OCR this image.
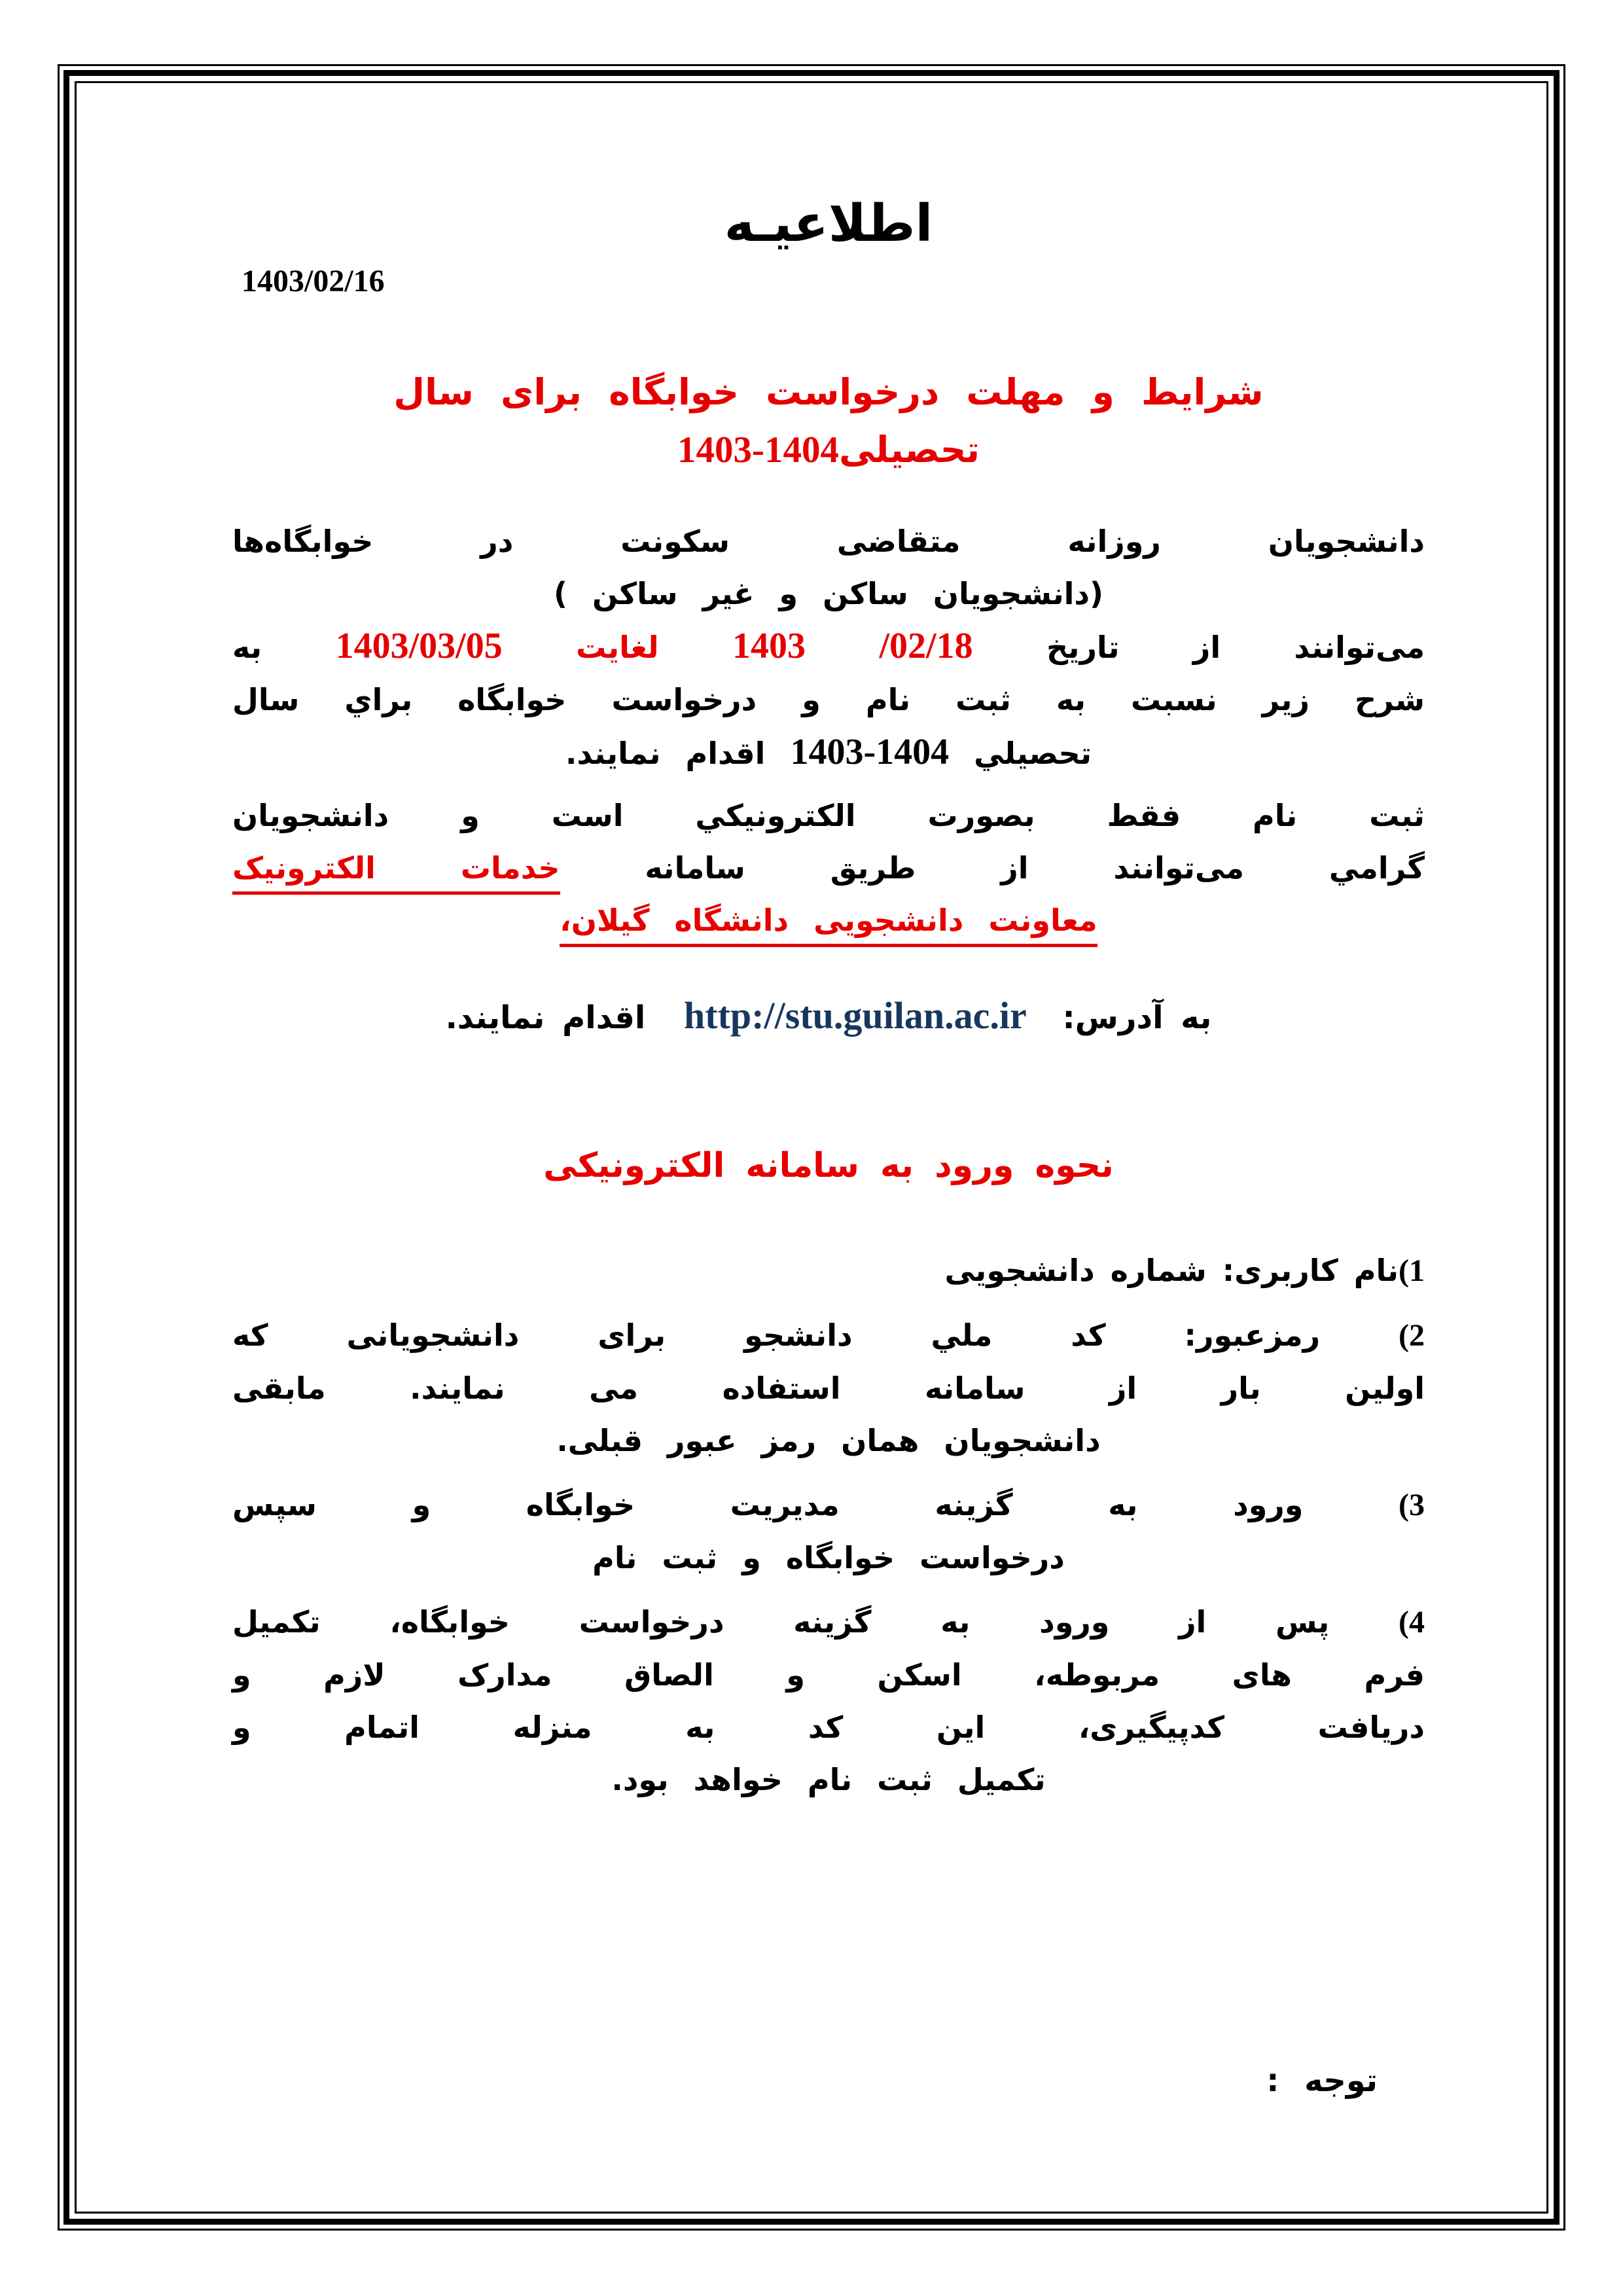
اطلاعيـه
1403/02/16
شرايط و مهلت درخواست خوابگاه برای سال
تحصیلی1403-1404
دانشجويان روزانه متقاضی سکونت در خوابگاه‌ها
(دانشجويان ساکن و غير ساکن )
می‌توانند از تاريخ /02/18 1403 لغايت 1403/03/05 به
شرح زير نسبت به ثبت نام و درخواست خوابگاه براي سال
تحصيلي 1403-1404 اقدام نمايند.
ثبت نام فقط بصورت الکترونيکي است و دانشجويان
گرامي می‌توانند از طريق سامانه خدمات الکترونيک
معاونت دانشجويی دانشگاه گيلان،
به آدرس: http://stu.guilan.ac.ir اقدام نمايند.
نحوه ورود به سامانه الکترونيکی
1)نام کاربری: شماره دانشجويی
2) رمزعبور: کد ملي دانشجو برای دانشجويانی که
اولين بار از سامانه استفاده می نمايند. مابقی
دانشجويان همان رمز عبور قبلی.
3) ورود به گزينه مديريت خوابگاه و سپس
درخواست خوابگاه و ثبت نام
4) پس از ورود به گزينه درخواست خوابگاه، تکميل
فرم های مربوطه، اسکن و الصاق مدارک لازم و
دريافت کدپيگيری، اين کد به منزله اتمام و
تکميل ثبت نام خواهد بود.
توجه :
